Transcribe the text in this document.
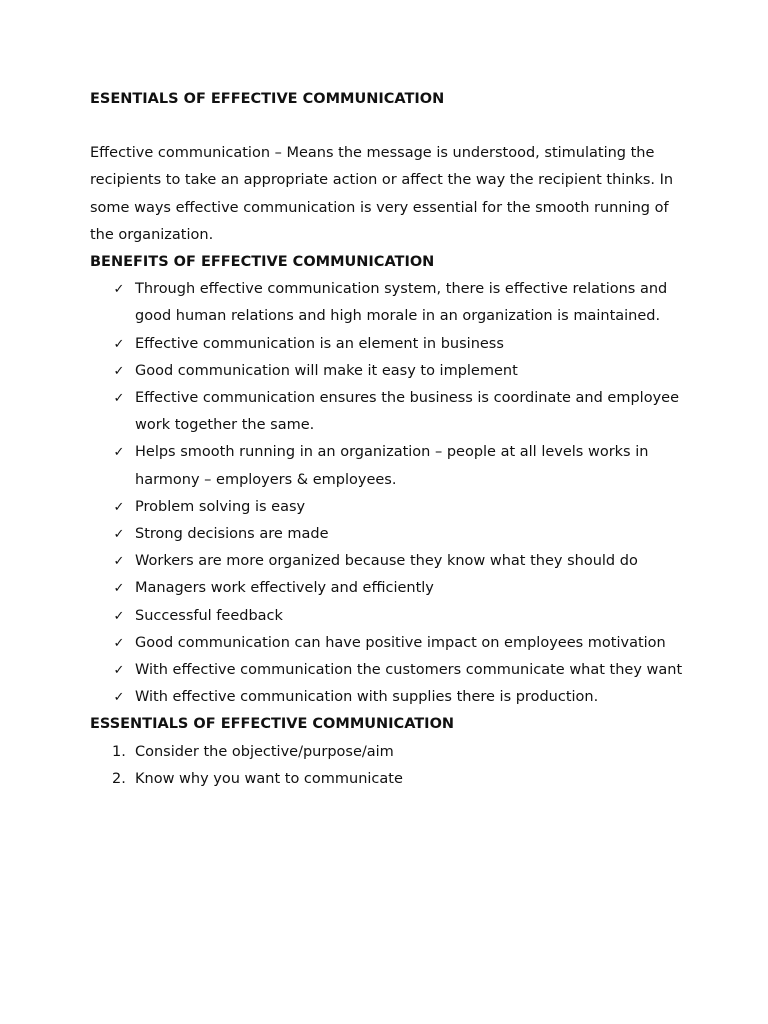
ESENTIALS OF EFFECTIVE COMMUNICATION

Effective communication – Means the message is understood, stimulating the recipients to take an appropriate action or affect the way the recipient thinks. In some ways effective communication is very essential for the smooth running of the organization.

BENEFITS OF EFFECTIVE COMMUNICATION

✓ Through effective communication system, there is effective relations and good human relations and high morale in an organization is maintained.
✓ Effective communication is an element in business
✓ Good communication will make it easy to implement
✓ Effective communication ensures the business is coordinate and employee work together the same.
✓ Helps smooth running in an organization – people at all levels works in harmony – employers & employees.
✓ Problem solving is easy
✓ Strong decisions are made
✓ Workers are more organized because they know what they should do
✓ Managers work effectively and efficiently
✓ Successful feedback
✓ Good communication can have positive impact on employees motivation
✓ With effective communication the customers communicate what they want
✓ With effective communication with supplies there is production.

ESSENTIALS OF EFFECTIVE COMMUNICATION

1. Consider the objective/purpose/aim
2. Know why you want to communicate
